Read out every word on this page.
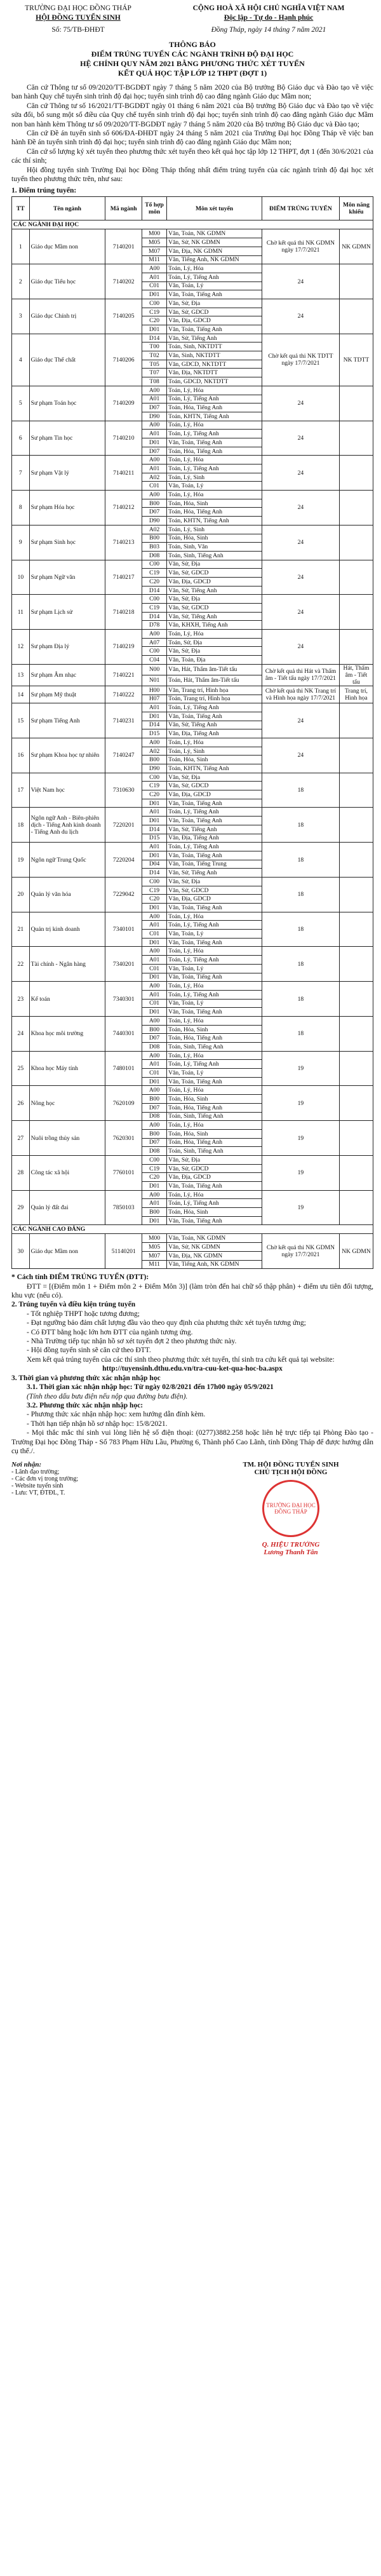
TRƯỜNG ĐẠI HỌC ĐỒNG THÁP
HỘI ĐỒNG TUYỂN SINH
Số: 75/TB-ĐHĐT
CỘNG HOÀ XÃ HỘI CHỦ NGHĨA VIỆT NAM
Độc lập - Tự do - Hạnh phúc
Đồng Tháp, ngày 14 tháng 7 năm 2021
THÔNG BÁO
ĐIỂM TRÚNG TUYỂN CÁC NGÀNH TRÌNH ĐỘ ĐẠI HỌC
HỆ CHÍNH QUY NĂM 2021 BẰNG PHƯƠNG THỨC XÉT TUYỂN
KẾT QUẢ HỌC TẬP LỚP 12 THPT (ĐỢT 1)

Căn cứ Thông tư số 09/2020/TT-BGDĐT ngày 7 tháng 5 năm 2020 của Bộ trưởng Bộ Giáo dục và Đào tạo về việc ban hành Quy chế tuyển sinh trình độ đại học; tuyển sinh trình độ cao đẳng ngành Giáo dục Mầm non;

Căn cứ Thông tư số 16/2021/TT-BGDĐT ngày 01 tháng 6 năm 2021 của Bộ trưởng Bộ Giáo dục và Đào tạo về việc sửa đổi, bổ sung một số điều của Quy chế tuyển sinh trình độ đại học; tuyển sinh trình độ cao đẳng ngành Giáo dục Mầm non ban hành kèm Thông tư số 09/2020/TT-BGDĐT ngày 7 tháng 5 năm 2020 của Bộ trưởng Bộ Giáo dục và Đào tạo;

Căn cứ Đề án tuyển sinh số 606/ĐA-ĐHĐT ngày 24 tháng 5 năm 2021 của Trường Đại học Đồng Tháp về việc ban hành Đề án tuyển sinh trình độ đại học; tuyển sinh trình độ cao đẳng ngành Giáo dục Mầm non;

Căn cứ số lượng ký xét tuyển theo phương thức xét tuyển theo kết quả học tập lớp 12 THPT, đợt 1 (đến 30/6/2021 của các thí sinh;

Hội đồng tuyển sinh Trường Đại học Đồng Tháp thống nhất điểm trúng tuyển của các ngành trình độ đại học xét tuyển theo phương thức trên, như sau:

1. Điểm trúng tuyển:
TT	Tên ngành	Mã ngành	Tổ hợp môn	Môn xét tuyển	ĐIỂM TRÚNG TUYỂN	Môn năng khiếu
CÁC NGÀNH ĐẠI HỌC						
1	Giáo dục Mầm non	7140201	M00	Văn, Toán, NK GDMN	Chờ kết quả thi NK GDMN ngày 17/7/2021	NK GDMN
			M05	Văn, Sử, NK GDMN		
			M07	Văn, Địa, NK GDMN		
			M11	Văn, Tiếng Anh, NK GDMN		
2	Giáo dục Tiểu học	7140202	A00	Toán, Lý, Hóa	24	
			A01	Toán, Lý, Tiếng Anh		
			C01	Văn, Toán, Lý		
			D01	Văn, Toán, Tiếng Anh		
3	Giáo dục Chính trị	7140205	C00	Văn, Sử, Địa	24	
			C19	Văn, Sử, GDCD		
			C20	Văn, Địa, GDCD		
			D01	Văn, Toán, Tiếng Anh		
4	Giáo dục Thể chất	7140206	D14	Văn, Sử, Tiếng Anh	Chờ kết quả thi NK TDTT ngày 17/7/2021	NK TDTT
			T00	Toán, Sinh, NKTDTT		
			T02	Văn, Sinh, NKTDTT		
			T05	Văn, GDCD, NKTDTT		
			T07	Văn, Địa, NKTDTT		
			T08	Toán, GDCD, NKTDTT		
5	Sư phạm Toán học	7140209	A00	Toán, Lý, Hóa	24	
			A01	Toán, Lý, Tiếng Anh		
			D07	Toán, Hóa, Tiếng Anh		
			D90	Toán, KHTN, Tiếng Anh		
6	Sư phạm Tin học	7140210	A00	Toán, Lý, Hóa	24	
			A01	Toán, Lý, Tiếng Anh		
			D01	Văn, Toán, Tiếng Anh		
			D07	Toán, Hóa, Tiếng Anh		
7	Sư phạm Vật lý	7140211	A00	Toán, Lý, Hóa	24	
			A01	Toán, Lý, Tiếng Anh		
			A02	Toán, Lý, Sinh		
			C01	Văn, Toán, Lý		
8	Sư phạm Hóa học	7140212	A00	Toán, Lý, Hóa	24	
			B00	Toán, Hóa, Sinh		
			D07	Toán, Hóa, Tiếng Anh		
			D90	Toán, KHTN, Tiếng Anh		
9	Sư phạm Sinh học	7140213	A02	Toán, Lý, Sinh	24	
			B00	Toán, Hóa, Sinh		
			B03	Toán, Sinh, Văn		
			D08	Toán, Sinh, Tiếng Anh		
10	Sư phạm Ngữ văn	7140217	C00	Văn, Sử, Địa	24	
			C19	Văn, Sử, GDCD		
			C20	Văn, Địa, GDCD		
			D14	Văn, Sử, Tiếng Anh		
11	Sư phạm Lịch sử	7140218	C00	Văn, Sử, Địa	24	
			C19	Văn, Sử, GDCD		
			D14	Văn, Sử, Tiếng Anh		
			D78	Văn, KHXH, Tiếng Anh		
12	Sư phạm Địa lý	7140219	A00	Toán, Lý, Hóa	24	
			A07	Toán, Sử, Địa		
			C00	Văn, Sử, Địa		
			C04	Văn, Toán, Địa		
13	Sư phạm Âm nhạc	7140221	N00	Văn, Hát, Thẩm âm-Tiết tấu	Chờ kết quả thi Hát và Thẩm âm - Tiết tấu ngày 17/7/2021	Hát, Thẩm âm - Tiết tấu
			N01	Toán, Hát, Thẩm âm-Tiết tấu		
14	Sư phạm Mỹ thuật	7140222	H00	Văn, Trang trí, Hình họa	Chờ kết quả thi NK Trang trí và Hình họa ngày 17/7/2021	Trang trí, Hình họa
			H07	Toán, Trang trí, Hình họa		
15	Sư phạm Tiếng Anh	7140231	A01	Toán, Lý, Tiếng Anh	24	
			D01	Văn, Toán, Tiếng Anh		
			D14	Văn, Sử, Tiếng Anh		
			D15	Văn, Địa, Tiếng Anh		
16	Sư phạm Khoa học tự nhiên	7140247	A00	Toán, Lý, Hóa	24	
			A02	Toán, Lý, Sinh		
			B00	Toán, Hóa, Sinh		
			D90	Toán, KHTN, Tiếng Anh		
17	Việt Nam học	7310630	C00	Văn, Sử, Địa	18	
			C19	Văn, Sử, GDCD		
			C20	Văn, Địa, GDCD		
			D01	Văn, Toán, Tiếng Anh		
18	Ngôn ngữ Anh - Biên-phiên dịch - Tiếng Anh kinh doanh - Tiếng Anh du lịch	7220201	A01	Toán, Lý, Tiếng Anh	18	
			D01	Văn, Toán, Tiếng Anh		
			D14	Văn, Sử, Tiếng Anh		
			D15	Văn, Địa, Tiếng Anh		
19	Ngôn ngữ Trung Quốc	7220204	A01	Toán, Lý, Tiếng Anh	18	
			D01	Văn, Toán, Tiếng Anh		
			D04	Văn, Toán, Tiếng Trung		
			D14	Văn, Sử, Tiếng Anh		
20	Quản lý văn hóa	7229042	C00	Văn, Sử, Địa	18	
			C19	Văn, Sử, GDCD		
			C20	Văn, Địa, GDCD		
			D01	Văn, Toán, Tiếng Anh		
21	Quản trị kinh doanh	7340101	A00	Toán, Lý, Hóa	18	
			A01	Toán, Lý, Tiếng Anh		
			C01	Văn, Toán, Lý		
			D01	Văn, Toán, Tiếng Anh		
22	Tài chính - Ngân hàng	7340201	A00	Toán, Lý, Hóa	18	
			A01	Toán, Lý, Tiếng Anh		
			C01	Văn, Toán, Lý		
			D01	Văn, Toán, Tiếng Anh		
23	Kế toán	7340301	A00	Toán, Lý, Hóa	18	
			A01	Toán, Lý, Tiếng Anh		
			C01	Văn, Toán, Lý		
			D01	Văn, Toán, Tiếng Anh		
24	Khoa học môi trường	7440301	A00	Toán, Lý, Hóa	18	
			B00	Toán, Hóa, Sinh		
			D07	Toán, Hóa, Tiếng Anh		
			D08	Toán, Sinh, Tiếng Anh		
25	Khoa học Máy tính	7480101	A00	Toán, Lý, Hóa	19	
			A01	Toán, Lý, Tiếng Anh		
			C01	Văn, Toán, Lý		
			D01	Văn, Toán, Tiếng Anh		
26	Nông học	7620109	A00	Toán, Lý, Hóa	19	
			B00	Toán, Hóa, Sinh		
			D07	Toán, Hóa, Tiếng Anh		
			D08	Toán, Sinh, Tiếng Anh		
27	Nuôi trồng thủy sản	7620301	A00	Toán, Lý, Hóa	19	
			B00	Toán, Hóa, Sinh		
			D07	Toán, Hóa, Tiếng Anh		
			D08	Toán, Sinh, Tiếng Anh		
28	Công tác xã hội	7760101	C00	Văn, Sử, Địa	19	
			C19	Văn, Sử, GDCD		
			C20	Văn, Địa, GDCD		
			D01	Văn, Toán, Tiếng Anh		
29	Quản lý đất đai	7850103	A00	Toán, Lý, Hóa	19	
			A01	Toán, Lý, Tiếng Anh		
			B00	Toán, Hóa, Sinh		
			D01	Văn, Toán, Tiếng Anh		
CÁC NGÀNH CAO ĐẲNG						
30	Giáo dục Mầm non	51140201	M00	Văn, Toán, NK GDMN	Chờ kết quả thi NK GDMN ngày 17/7/2021	NK GDMN
			M05	Văn, Sử, NK GDMN		
			M07	Văn, Địa, NK GDMN		
			M11	Văn, Tiếng Anh, NK GDMN		

* Cách tính ĐIỂM TRÚNG TUYỂN (ĐTT):

ĐTT = [(Điểm môn 1 + Điểm môn 2 + Điểm Môn 3)] (làm tròn đến hai chữ số thập phân) + điểm ưu tiên đối tượng, khu vực (nếu có).

2. Trúng tuyển và điều kiện trúng tuyển

- Tốt nghiệp THPT hoặc tương đương;

- Đạt ngưỡng bảo đảm chất lượng đầu vào theo quy định của phương thức xét tuyển tương ứng;

- Có ĐTT bằng hoặc lớn hơn ĐTT của ngành tương ứng.

- Nhà Trường tiếp tục nhận hồ sơ xét tuyển đợt 2 theo phương thức này.

- Hội đồng tuyển sinh sẽ căn cứ theo ĐTT.

Xem kết quả trúng tuyển của các thí sinh theo phương thức xét tuyển, thí sinh tra cứu kết quả tại website:

http://tuyensinh.dthu.edu.vn/tra-cuu-ket-qua-hoc-ba.aspx

3. Thời gian và phương thức xác nhận nhập học

3.1. Thời gian xác nhận nhập học: Từ ngày 02/8/2021 đến 17h00 ngày 05/9/2021

(Tính theo dấu bưu điện nếu nộp qua đường bưu điện).

3.2. Phương thức xác nhận nhập học:

- Phương thức xác nhận nhập học: xem hướng dẫn đính kèm.

- Thời hạn tiếp nhận hồ sơ nhập học: 15/8/2021.

- Mọi thắc mắc thí sinh vui lòng liên hệ số điện thoại: (0277)3882.258 hoặc liên hệ trực tiếp tại Phòng Đào tạo - Trường Đại học Đồng Tháp - Số 783 Phạm Hữu Lầu, Phường 6, Thành phố Cao Lãnh, tỉnh Đồng Tháp để được hướng dẫn cụ thể./.

Nơi nhận:
- Lãnh đạo trường;
- Các đơn vị trong trường;
- Website tuyển sinh
- Lưu: VT, ĐTĐL, T.
TM. HỘI ĐỒNG TUYỂN SINH
CHỦ TỊCH HỘI ĐỒNG
TRƯỜNG ĐẠI HỌC ĐỒNG THÁP
Q. HIỆU TRƯỞNG
Lương Thanh Tân
